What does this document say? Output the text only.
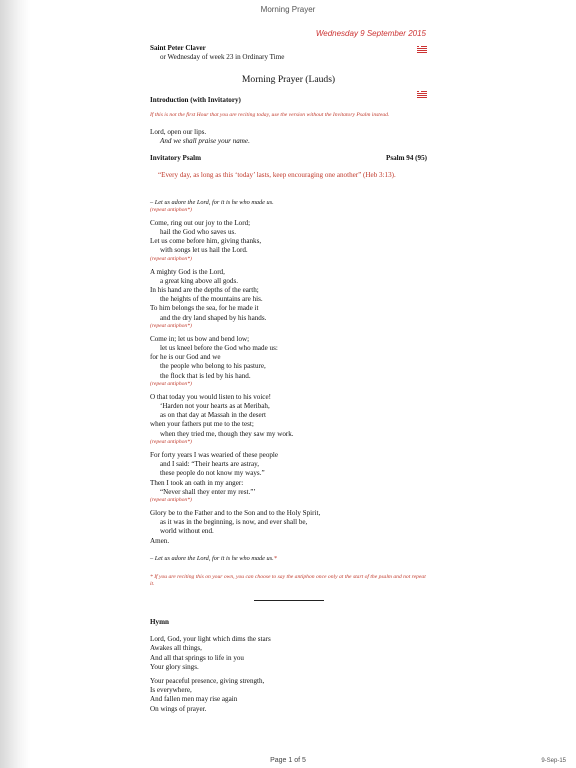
Morning Prayer
Wednesday 9 September 2015

Saint Peter Claver

or Wednesday of week 23 in Ordinary Time

Morning Prayer (Lauds)

Introduction (with Invitatory)

If this is not the first Hour that you are reciting today, use the version without the Invitatory Psalm instead.

Lord, open our lips.

And we shall praise your name.

Invitatory Psalm	Psalm 94 (95)

“Every day, as long as this ‘today’ lasts, keep encouraging one another” (Heb 3:13).

– Let us adore the Lord, for it is he who made us.

(repeat antiphon*)

Come, ring out our joy to the Lord;

hail the God who saves us.

Let us come before him, giving thanks,

with songs let us hail the Lord.

(repeat antiphon*)

A mighty God is the Lord,

a great king above all gods.

In his hand are the depths of the earth;

the heights of the mountains are his.

To him belongs the sea, for he made it

and the dry land shaped by his hands.

(repeat antiphon*)

Come in; let us bow and bend low;

let us kneel before the God who made us:

for he is our God and we

the people who belong to his pasture,

the flock that is led by his hand.

(repeat antiphon*)

O that today you would listen to his voice!

‘Harden not your hearts as at Meribah,

as on that day at Massah in the desert

when your fathers put me to the test;

when they tried me, though they saw my work.

(repeat antiphon*)

For forty years I was wearied of these people

and I said: “Their hearts are astray,

these people do not know my ways.”

Then I took an oath in my anger:

“Never shall they enter my rest.”’

(repeat antiphon*)

Glory be to the Father and to the Son and to the Holy Spirit,

as it was in the beginning, is now, and ever shall be,

world without end.

Amen.

– Let us adore the Lord, for it is he who made us.*

* If you are reciting this on your own, you can choose to say the antiphon once only at the start of the psalm and not repeat it.

Hymn

Lord, God, your light which dims the stars

Awakes all things,

And all that springs to life in you

Your glory sings.

Your peaceful presence, giving strength,

Is everywhere,

And fallen men may rise again

On wings of prayer.

Page 1 of 5	9-Sep-15
